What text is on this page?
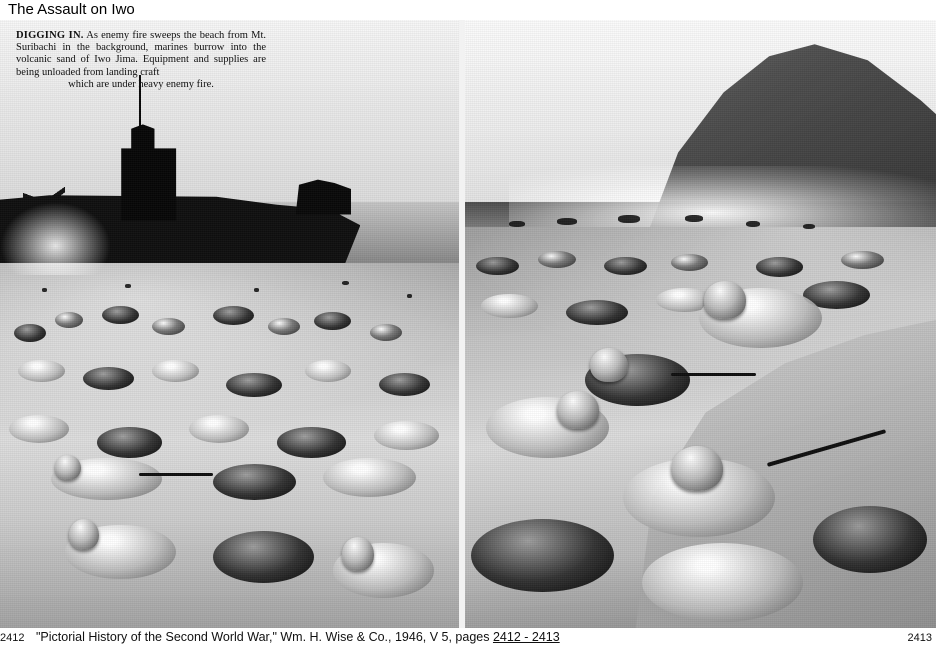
The Assault on Iwo
DIGGING IN. As enemy fire sweeps the beach from Mt. Suribachi in the background, marines burrow into the volcanic sand of Iwo Jima. Equipment and supplies are being unloaded from landing craft
which are under heavy enemy fire.
2412 "Pictorial History of the Second World War," Wm. H. Wise & Co., 1946, V 5, pages 2412 - 2413	2413
